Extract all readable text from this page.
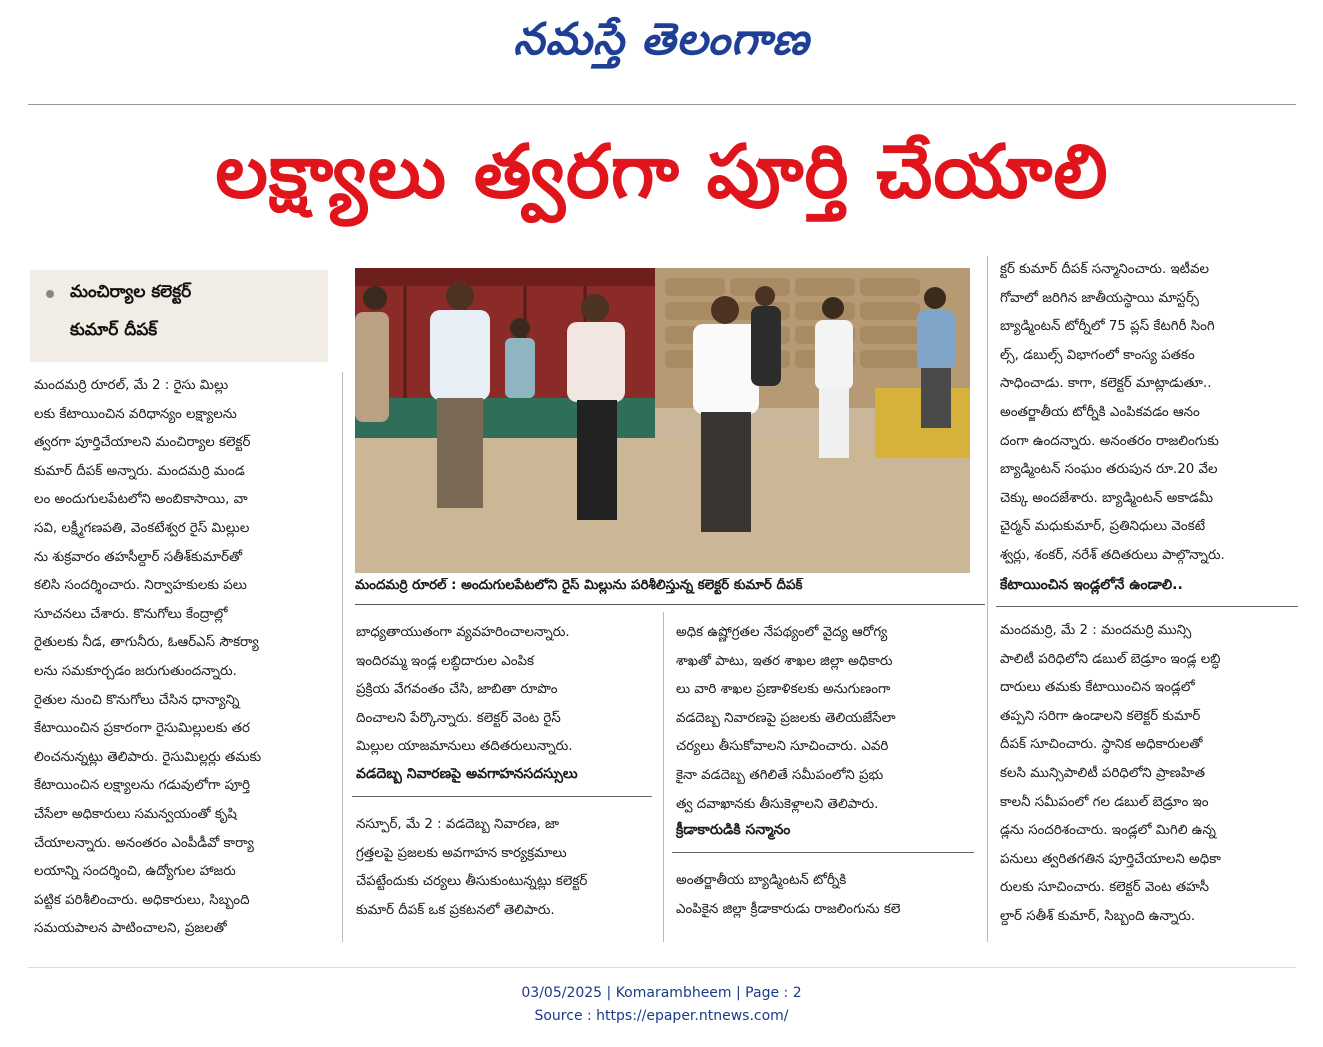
నమస్తే తెలంగాణ
లక్ష్యాలు త్వరగా పూర్తి చేయాలి
మంచిర్యాల కలెక్టర్
కుమార్ దీపక్

మందమర్రి రూరల్, మే 2 : రైసు మిల్లు
లకు కేటాయించిన వరిధాన్యం లక్ష్యాలను
త్వరగా పూర్తిచేయాలని మంచిర్యాల కలెక్టర్
కుమార్ దీపక్ అన్నారు. మందమర్రి మండ
లం అందుగులపేటలోని అంబికాసాయి, వా
సవి, లక్ష్మీగణపతి, వెంకటేశ్వర రైస్ మిల్లుల
ను శుక్రవారం తహసీల్దార్ సతీశ్‌కుమార్‌తో
కలిసి సందర్శించారు. నిర్వాహకులకు పలు
సూచనలు చేశారు. కొనుగోలు కేంద్రాల్లో
రైతులకు నీడ, తాగునీరు, ఓఆర్ఎస్ సౌకర్యా
లను సమకూర్చడం జరుగుతుందన్నారు.
రైతుల నుంచి కొనుగోలు చేసిన ధాన్యాన్ని
కేటాయించిన ప్రకారంగా రైసుమిల్లులకు తర
లించనున్నట్లు తెలిపారు. రైసుమిల్లర్లు తమకు
కేటాయించిన లక్ష్యాలను గడువులోగా పూర్తి
చేసేలా అధికారులు సమన్వయంతో కృషి
చేయాలన్నారు. అనంతరం ఎంపీడీవో కార్యా
లయాన్ని సందర్శించి, ఉద్యోగుల హాజరు
పట్టిక పరిశీలించారు. అధికారులు, సిబ్బంది
సమయపాలన పాటించాలని, ప్రజలతో

మందమర్రి రూరల్ : అందుగులపేటలోని రైస్ మిల్లును పరిశీలిస్తున్న కలెక్టర్ కుమార్ దీపక్

బాధ్యతాయుతంగా వ్యవహరించాలన్నారు.
ఇందిరమ్మ ఇండ్ల లబ్ధిదారుల ఎంపిక
ప్రక్రియ వేగవంతం చేసి, జాబితా రూపొం
దించాలని పేర్కొన్నారు. కలెక్టర్ వెంట రైస్
మిల్లుల యాజమానులు తదితరులున్నారు.

వడదెబ్బ నివారణపై అవగాహనసదస్సులు

నస్పూర్, మే 2 : వడదెబ్బ నివారణ, జా
గ్రత్తలపై ప్రజలకు అవగాహన కార్యక్రమాలు
చేపట్టేందుకు చర్యలు తీసుకుంటున్నట్లు కలెక్టర్
కుమార్ దీపక్ ఒక ప్రకటనలో తెలిపారు.

అధిక ఉష్ణోగ్రతల నేపథ్యంలో వైద్య ఆరోగ్య
శాఖతో పాటు, ఇతర శాఖల జిల్లా అధికారు
లు వారి శాఖల ప్రణాళికలకు అనుగుణంగా
వడదెబ్బ నివారణపై ప్రజలకు తెలియజేసేలా
చర్యలు తీసుకోవాలని సూచించారు. ఎవరి
కైనా వడదెబ్బ తగిలితే సమీపంలోని ప్రభు
త్వ దవాఖానకు తీసుకెళ్లాలని తెలిపారు.

క్రీడాకారుడికి సన్మానం

అంతర్జాతీయ బ్యాడ్మింటన్ టోర్నీకి
ఎంపికైన జిల్లా క్రీడాకారుడు రాజలింగును కలె

క్టర్ కుమార్ దీపక్ సన్మానించారు. ఇటీవల
గోవాలో జరిగిన జాతీయస్థాయి మాస్టర్స్
బ్యాడ్మింటన్ టోర్నీలో 75 ప్లస్ కేటగిరీ సింగి
ల్స్, డబుల్స్ విభాగంలో కాంస్య పతకం
సాధించాడు. కాగా, కలెక్టర్ మాట్లాడుతూ..
అంతర్జాతీయ టోర్నీకి ఎంపికవడం ఆనం
దంగా ఉందన్నారు. అనంతరం రాజలింగుకు
బ్యాడ్మింటన్ సంఘం తరుపున రూ.20 వేల
చెక్కు అందజేశారు. బ్యాడ్మింటన్ అకాడమీ
చైర్మన్ మధుకుమార్, ప్రతినిధులు వెంకటే
శ్వర్లు, శంకర్, నరేశ్ తదితరులు పాల్గొన్నారు.

కేటాయించిన ఇండ్లలోనే ఉండాలి..

మందమర్రి, మే 2 : మందమర్రి మున్సి
పాలిటీ పరిధిలోని డబుల్ బెడ్రూం ఇండ్ల లబ్ధి
దారులు తమకు కేటాయించిన ఇండ్లలో
తప్పని సరిగా ఉండాలని కలెక్టర్ కుమార్
దీపక్ సూచించారు. స్థానిక అధికారులతో
కలసి మున్సిపాలిటీ పరిధిలోని ప్రాణహిత
కాలనీ సమీపంలో గల డబుల్ బెడ్రూం ఇం
డ్లను సందరిశంచారు. ఇండ్లలో మిగిలి ఉన్న
పనులు త్వరితగతిన పూర్తిచేయాలని అధికా
రులకు సూచించారు. కలెక్టర్ వెంట తహసీ
ల్దార్ సతీశ్ కుమార్, సిబ్బంది ఉన్నారు.

03/05/2025 | Komarambheem | Page : 2
Source : https://epaper.ntnews.com/
